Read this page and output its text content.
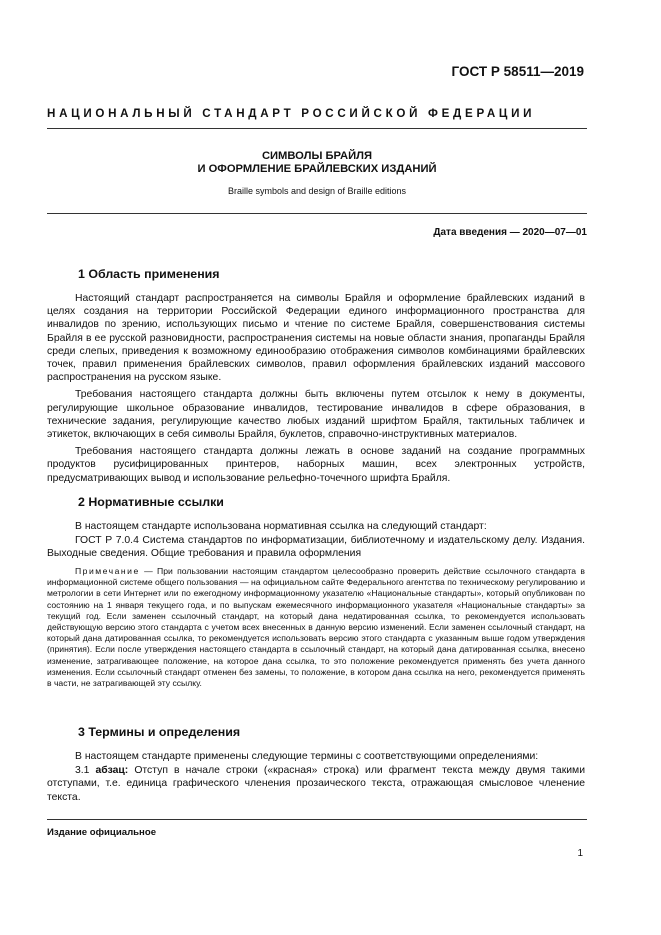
ГОСТ Р 58511—2019
НАЦИОНАЛЬНЫЙ СТАНДАРТ РОССИЙСКОЙ ФЕДЕРАЦИИ
СИМВОЛЫ БРАЙЛЯ
И ОФОРМЛЕНИЕ БРАЙЛЕВСКИХ ИЗДАНИЙ
Braille symbols and design of Braille editions
Дата введения — 2020—07—01
1 Область применения

Настоящий стандарт распространяется на символы Брайля и оформление брайлевских изданий в целях создания на территории Российской Федерации единого информационного пространства для инвалидов по зрению, использующих письмо и чтение по системе Брайля, совершенствования системы Брайля в ее русской разновидности, распространения системы на новые области знания, пропаганды Брайля среди слепых, приведения к возможному единообразию отображения символов комбинациями брайлевских точек, правил применения брайлевских символов, правил оформления брайлевских изданий массового распространения на русском языке.

Требования настоящего стандарта должны быть включены путем отсылок к нему в документы, регулирующие школьное образование инвалидов, тестирование инвалидов в сфере образования, в технические задания, регулирующие качество любых изданий шрифтом Брайля, тактильных табличек и этикеток, включающих в себя символы Брайля, буклетов, справочно-инструктивных материалов.

Требования настоящего стандарта должны лежать в основе заданий на создание программных продуктов русифицированных принтеров, наборных машин, всех электронных устройств, предусматривающих вывод и использование рельефно-точечного шрифта Брайля.

2 Нормативные ссылки

В настоящем стандарте использована нормативная ссылка на следующий стандарт:

ГОСТ Р 7.0.4 Система стандартов по информатизации, библиотечному и издательскому делу. Издания. Выходные сведения. Общие требования и правила оформления

Примечание — При пользовании настоящим стандартом целесообразно проверить действие ссылочного стандарта в информационной системе общего пользования — на официальном сайте Федерального агентства по техническому регулированию и метрологии в сети Интернет или по ежегодному информационному указателю «Национальные стандарты», который опубликован по состоянию на 1 января текущего года, и по выпускам ежемесячного информационного указателя «Национальные стандарты» за текущий год. Если заменен ссылочный стандарт, на который дана недатированная ссылка, то рекомендуется использовать действующую версию этого стандарта с учетом всех внесенных в данную версию изменений. Если заменен ссылочный стандарт, на который дана датированная ссылка, то рекомендуется использовать версию этого стандарта с указанным выше годом утверждения (принятия). Если после утверждения настоящего стандарта в ссылочный стандарт, на который дана датированная ссылка, внесено изменение, затрагивающее положение, на которое дана ссылка, то это положение рекомендуется применять без учета данного изменения. Если ссылочный стандарт отменен без замены, то положение, в котором дана ссылка на него, рекомендуется применять в части, не затрагивающей эту ссылку.
3 Термины и определения

В настоящем стандарте применены следующие термины с соответствующими определениями:

3.1 абзац: Отступ в начале строки («красная» строка) или фрагмент текста между двумя такими отступами, т.е. единица графического членения прозаического текста, отражающая смысловое членение текста.

Издание официальное
1
